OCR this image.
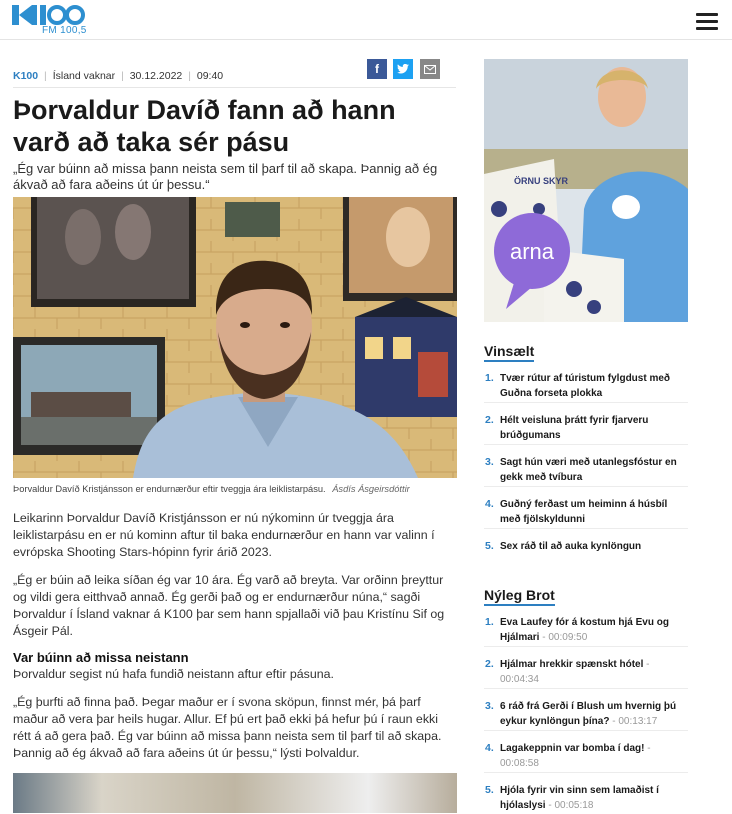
FM 100,5
K100 | Ísland vaknar | 30.12.2022 | 09:40	f
Þorvaldur Davíð fann að hann varð að taka sér pásu

„Ég var búinn að missa þann neista sem til þarf til að skapa. Þannig að ég ákvað að fara aðeins út úr þessu.“

Þorvaldur Davíð Kristjánsson er endurnærður eftir tveggja ára leiklistarpásu. Ásdís Ásgeirsdóttir

Leikarinn Þorvaldur Davíð Kristjánsson er nú nýkominn úr tveggja ára leiklistarpásu en er nú kominn aftur til baka endurnærður en hann var valinn í evrópska Shooting Stars-hópinn fyrir árið 2023.

„Ég er búin að leika síðan ég var 10 ára. Ég varð að breyta. Var orðinn þreyttur og vildi gera eitthvað annað. Ég gerði það og er endurnærður núna,“ sagði Þorvaldur í Ísland vaknar á K100 þar sem hann spjallaði við þau Kristínu Sif og Ásgeir Pál.

Var búinn að missa neistann

Þorvaldur segist nú hafa fundið neistann aftur eftir pásuna.

„Ég þurfti að finna það. Þegar maður er í svona sköpun, finnst mér, þá þarf maður að vera þar heils hugar. Allur. Ef þú ert það ekki þá hefur þú í raun ekki rétt á að gera það. Ég var búinn að missa þann neista sem til þarf til að skapa. Þannig að ég ákvað að fara aðeins út úr þessu,“ lýsti Þolvaldur.

arna
ÖRNU SKYR
Vinsælt
1. Tvær rútur af túristum fylgdust með Guðna forseta plokka
2. Hélt veisluna þrátt fyrir fjarveru brúðgumans
3. Sagt hún væri með utanlegsfóstur en gekk með tvíbura
4. Guðný ferðast um heiminn á húsbíl með fjölskyldunni
5. Sex ráð til að auka kynlöngun
Nýleg Brot
1. Eva Laufey fór á kostum hjá Evu og Hjálmari - 00:09:50
2. Hjálmar hrekkir spænskt hótel - 00:04:34
3. 6 ráð frá Gerði í Blush um hvernig þú eykur kynlöngun þína? - 00:13:17
4. Lagakeppnin var bomba í dag! - 00:08:58
5. Hjóla fyrir vin sinn sem lamaðist í hjólaslysi - 00:05:18
